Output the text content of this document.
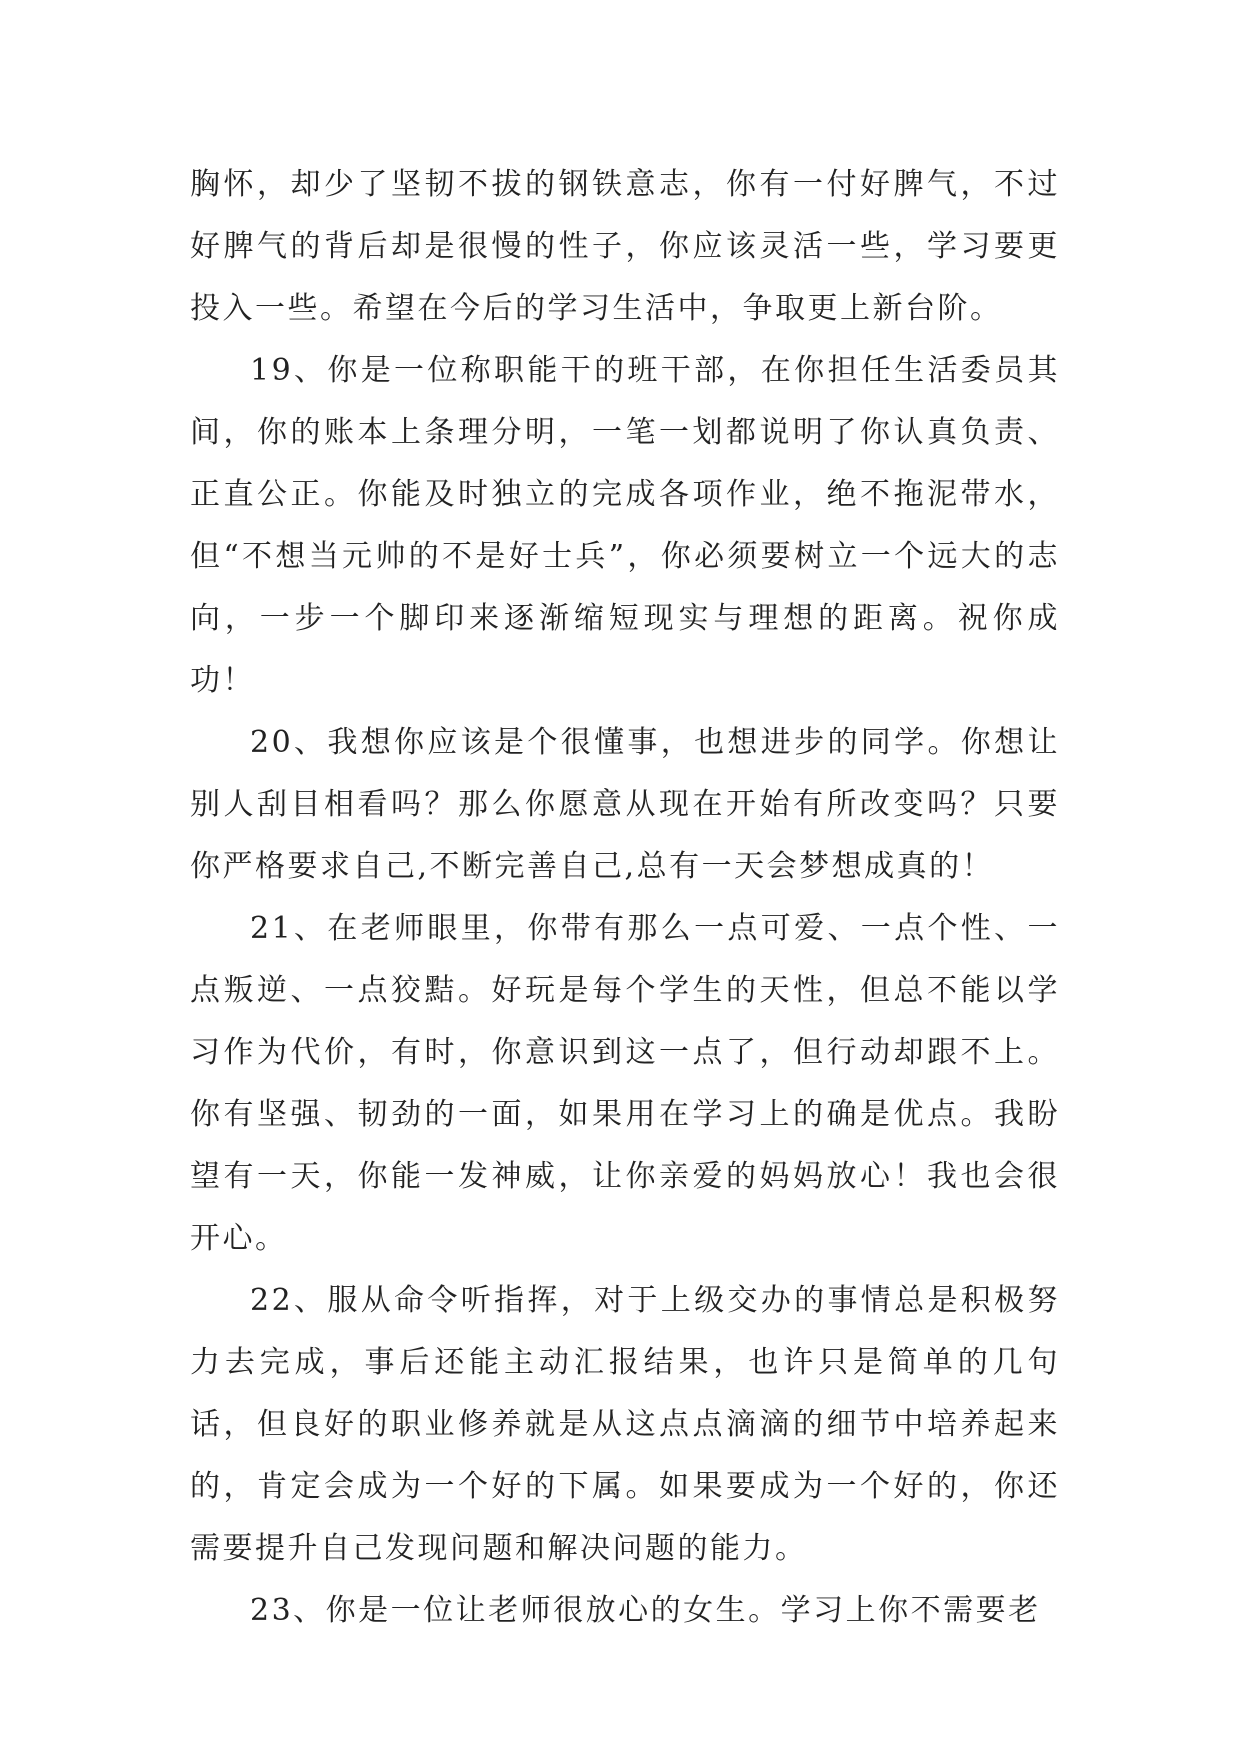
胸怀，却少了坚韧不拔的钢铁意志，你有一付好脾气，不过好脾气的背后却是很慢的性子，你应该灵活一些，学习要更投入一些。希望在今后的学习生活中，争取更上新台阶。

19、你是一位称职能干的班干部，在你担任生活委员其间，你的账本上条理分明，一笔一划都说明了你认真负责、正直公正。你能及时独立的完成各项作业，绝不拖泥带水，但“不想当元帅的不是好士兵”，你必须要树立一个远大的志向，一步一个脚印来逐渐缩短现实与理想的距离。祝你成功！

20、我想你应该是个很懂事，也想进步的同学。你想让别人刮目相看吗？那么你愿意从现在开始有所改变吗？只要你严格要求自己,不断完善自己,总有一天会梦想成真的！

21、在老师眼里，你带有那么一点可爱、一点个性、一点叛逆、一点狡黠。好玩是每个学生的天性，但总不能以学习作为代价，有时，你意识到这一点了，但行动却跟不上。你有坚强、韧劲的一面，如果用在学习上的确是优点。我盼望有一天，你能一发神威，让你亲爱的妈妈放心！我也会很开心。

22、服从命令听指挥，对于上级交办的事情总是积极努力去完成，事后还能主动汇报结果，也许只是简单的几句话，但良好的职业修养就是从这点点滴滴的细节中培养起来的，肯定会成为一个好的下属。如果要成为一个好的，你还需要提升自己发现问题和解决问题的能力。

23、你是一位让老师很放心的女生。学习上你不需要老
